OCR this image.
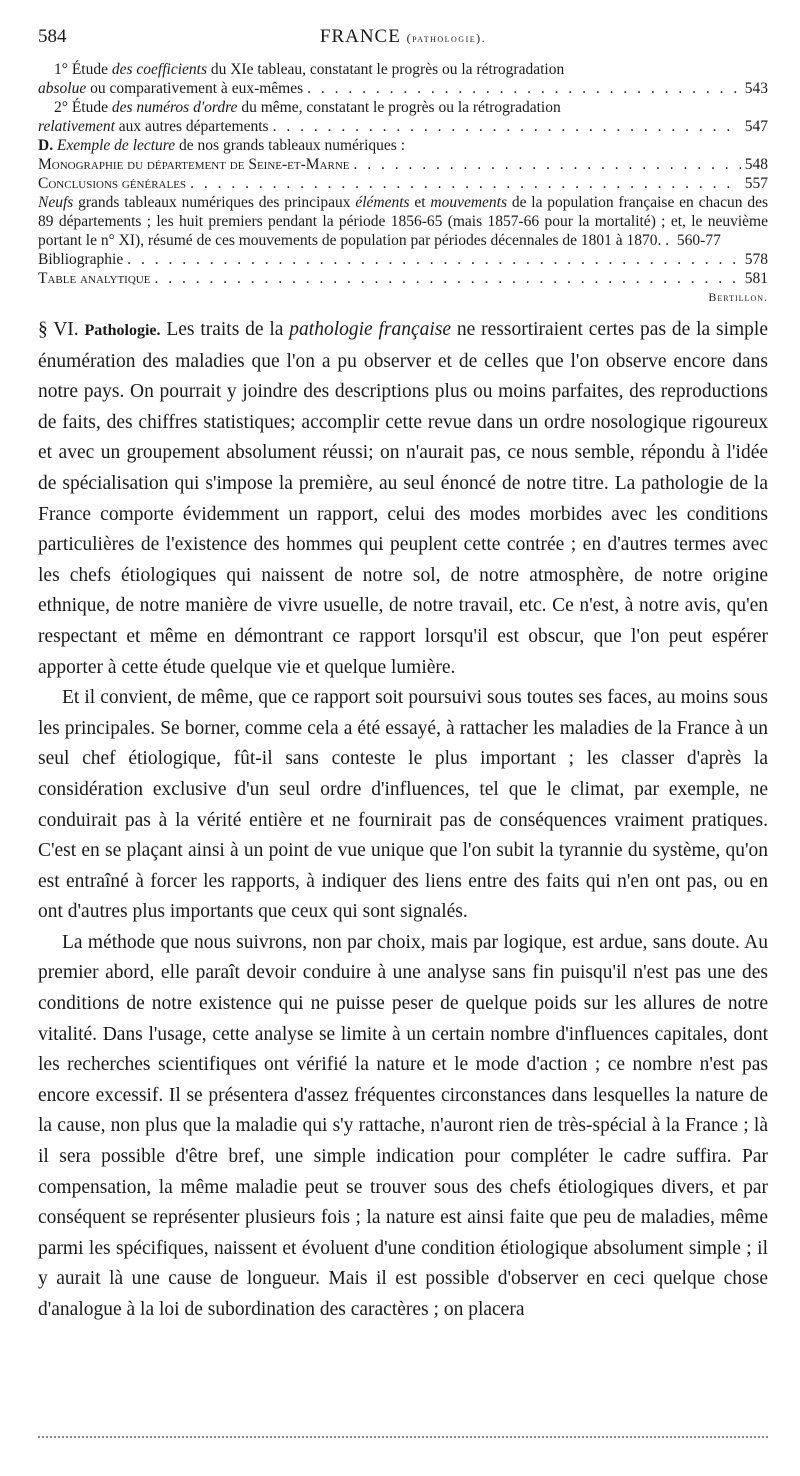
584	FRANCE (pathologie).
1° Étude des coefficients du XIe tableau, constatant le progrès ou la rétrogradation
absolue ou comparativement à eux-mêmes . . .	543
2° Étude des numéros d'ordre du même, constatant le progrès ou la rétrogradation
relativement aux autres départements . . .	547
D. Exemple de lecture de nos grands tableaux numériques :
Monographie du département de Seine-et-Marne . . .	548
Conclusions générales . . .	557
Neufs grands tableaux numériques des principaux éléments et mouvements de la population française en chacun des 89 départements ; les huit premiers pendant la période 1856-65 (mais 1857-66 pour la mortalité) ; et, le neuvième portant le n° XI), résumé de ces mouvements de population par périodes décennales de 1801 à 1870. .  560-77
Bibliographie . . .	578
Table analytique . . .	581
Bertillon.

§ VI. Pathologie. Les traits de la pathologie française ne ressortiraient certes pas de la simple énumération des maladies que l'on a pu observer et de celles que l'on observe encore dans notre pays. On pourrait y joindre des descriptions plus ou moins parfaites, des reproductions de faits, des chiffres statistiques; accomplir cette revue dans un ordre nosologique rigoureux et avec un groupement absolument réussi; on n'aurait pas, ce nous semble, répondu à l'idée de spécialisation qui s'impose la première, au seul énoncé de notre titre. La pathologie de la France comporte évidemment un rapport, celui des modes morbides avec les conditions particulières de l'existence des hommes qui peuplent cette contrée ; en d'autres termes avec les chefs étiologiques qui naissent de notre sol, de notre atmosphère, de notre origine ethnique, de notre manière de vivre usuelle, de notre travail, etc. Ce n'est, à notre avis, qu'en respectant et même en démontrant ce rapport lorsqu'il est obscur, que l'on peut espérer apporter à cette étude quelque vie et quelque lumière.

Et il convient, de même, que ce rapport soit poursuivi sous toutes ses faces, au moins sous les principales. Se borner, comme cela a été essayé, à rattacher les maladies de la France à un seul chef étiologique, fût-il sans conteste le plus important ; les classer d'après la considération exclusive d'un seul ordre d'influences, tel que le climat, par exemple, ne conduirait pas à la vérité entière et ne fournirait pas de conséquences vraiment pratiques. C'est en se plaçant ainsi à un point de vue unique que l'on subit la tyrannie du système, qu'on est entraîné à forcer les rapports, à indiquer des liens entre des faits qui n'en ont pas, ou en ont d'autres plus importants que ceux qui sont signalés.

La méthode que nous suivrons, non par choix, mais par logique, est ardue, sans doute. Au premier abord, elle paraît devoir conduire à une analyse sans fin puisqu'il n'est pas une des conditions de notre existence qui ne puisse peser de quelque poids sur les allures de notre vitalité. Dans l'usage, cette analyse se limite à un certain nombre d'influences capitales, dont les recherches scientifiques ont vérifié la nature et le mode d'action ; ce nombre n'est pas encore excessif. Il se présentera d'assez fréquentes circonstances dans lesquelles la nature de la cause, non plus que la maladie qui s'y rattache, n'auront rien de très-spécial à la France ; là il sera possible d'être bref, une simple indication pour compléter le cadre suffira. Par compensation, la même maladie peut se trouver sous des chefs étiologiques divers, et par conséquent se représenter plusieurs fois ; la nature est ainsi faite que peu de maladies, même parmi les spécifiques, naissent et évoluent d'une condition étiologique absolument simple ; il y aurait là une cause de longueur. Mais il est possible d'observer en ceci quelque chose d'analogue à la loi de subordination des caractères ; on placera
